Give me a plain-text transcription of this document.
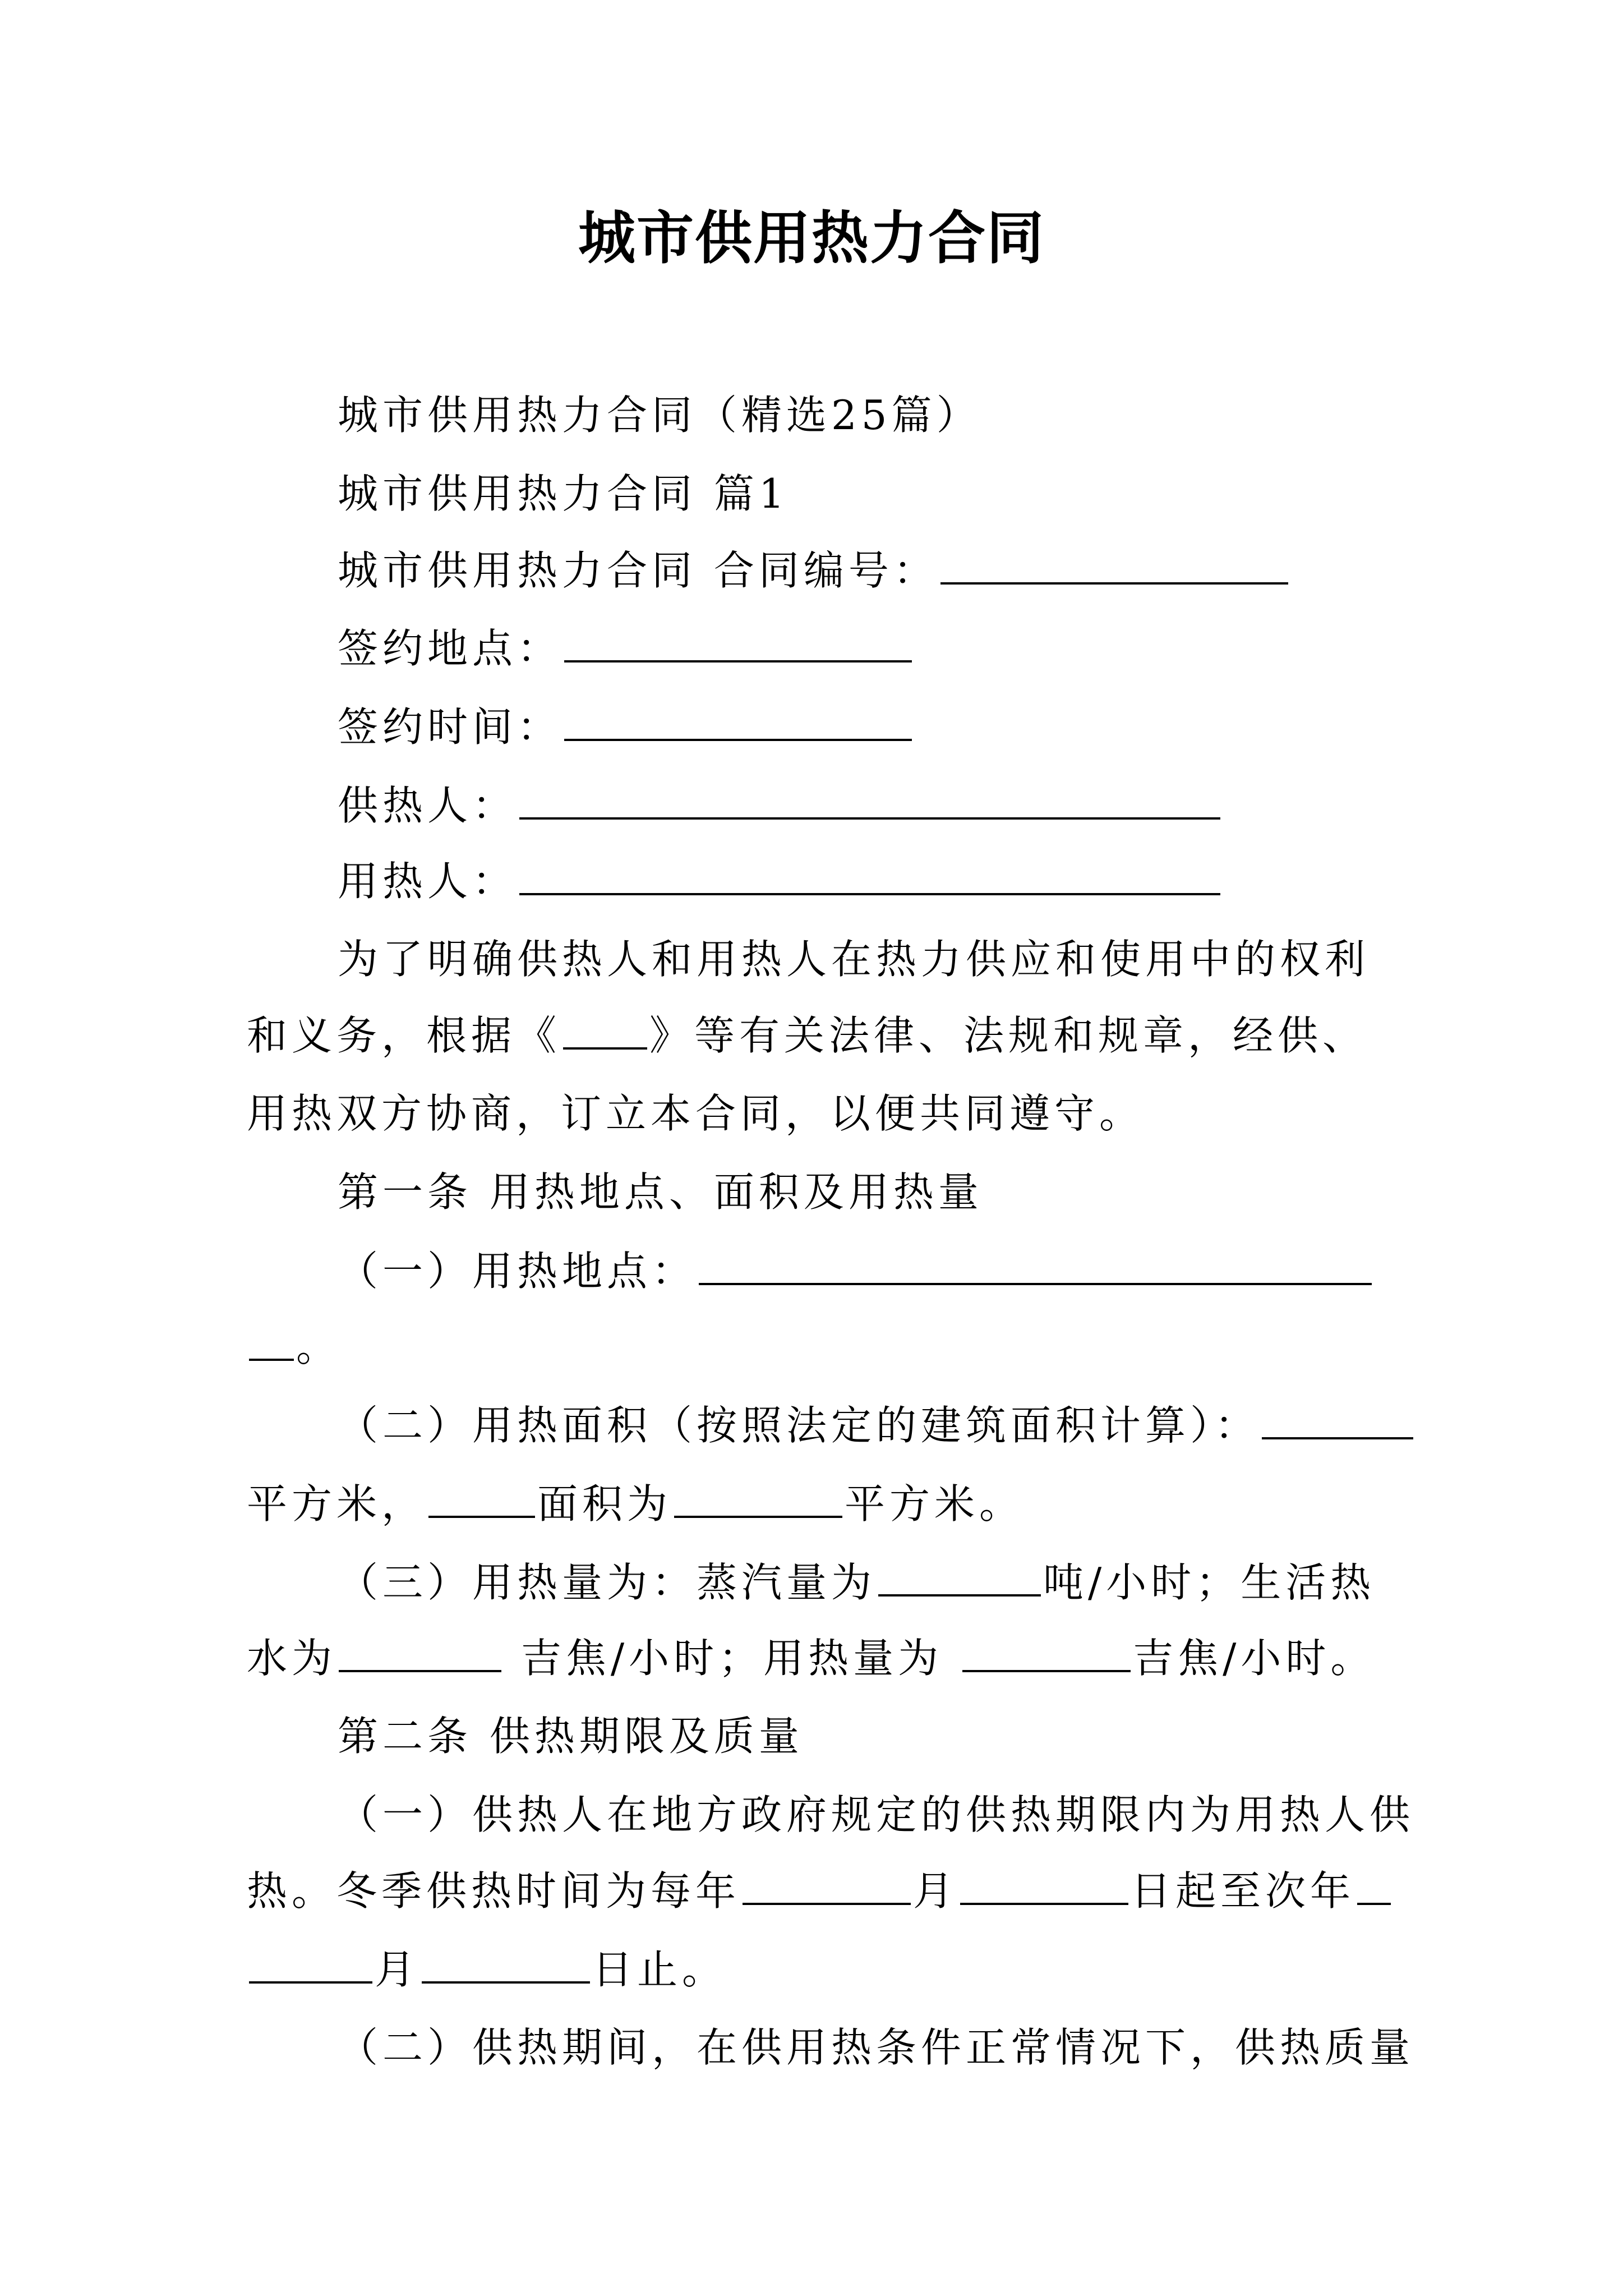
城市供用热力合同
城市供用热力合同（精选25篇）
城市供用热力合同 篇1
城市供用热力合同 合同编号：
签约地点：
签约时间：
供热人：
用热人：
为了明确供热人和用热人在热力供应和使用中的权利
和义务，根据《 》等有关法律、法规和规章，经供、
用热双方协商，订立本合同，以便共同遵守。
第一条 用热地点、面积及用热量
（一）用热地点：
。
（二）用热面积（按照法定的建筑面积计算）：
平方米，	面积为	平方米。
（三）用热量为：蒸汽量为	吨/小时；生活热
水为	吉焦/小时；用热量为	吉焦/小时。
第二条 供热期限及质量
（一）供热人在地方政府规定的供热期限内为用热人供
热。冬季供热时间为每年	月	日起至次年
月	日止。
（二）供热期间，在供用热条件正常情况下，供热质量
